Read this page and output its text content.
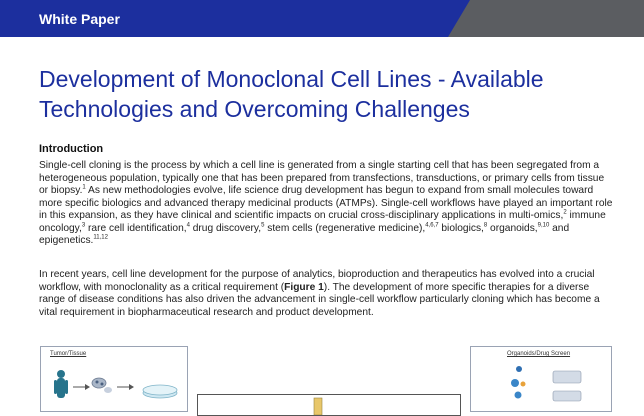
White Paper
Development of Monoclonal Cell Lines - Available Technologies and Overcoming Challenges
Introduction

Single-cell cloning is the process by which a cell line is generated from a single starting cell that has been segregated from a heterogeneous population, typically one that has been prepared from transfections, transductions, or primary cells from tissue or biopsy.$^1$ As new methodologies evolve, life science drug development has begun to expand from small molecules toward more specific biologics and advanced therapy medicinal products (ATMPs). Single-cell workflows have played an important role in this expansion, as they have clinical and scientific impacts on crucial cross-disciplinary applications in multi-omics,$^2$ immune oncology,$^3$ rare cell identification,$^4$ drug discovery,$^5$ stem cells (regenerative medicine),$^{4,6,7}$ biologics,$^8$ organoids,$^{9,10}$ and epigenetics.$^{11,12}$

In recent years, cell line development for the purpose of analytics, bioproduction and therapeutics has evolved into a crucial workflow, with monoclonality as a critical requirement (Figure 1). The development of more specific therapies for a diverse range of disease conditions has also driven the advancement in single-cell workflow particularly cloning which has become a vital requirement in biopharmaceutical research and product development.

Tumor/Tissue	Organoids/Drug Screen
